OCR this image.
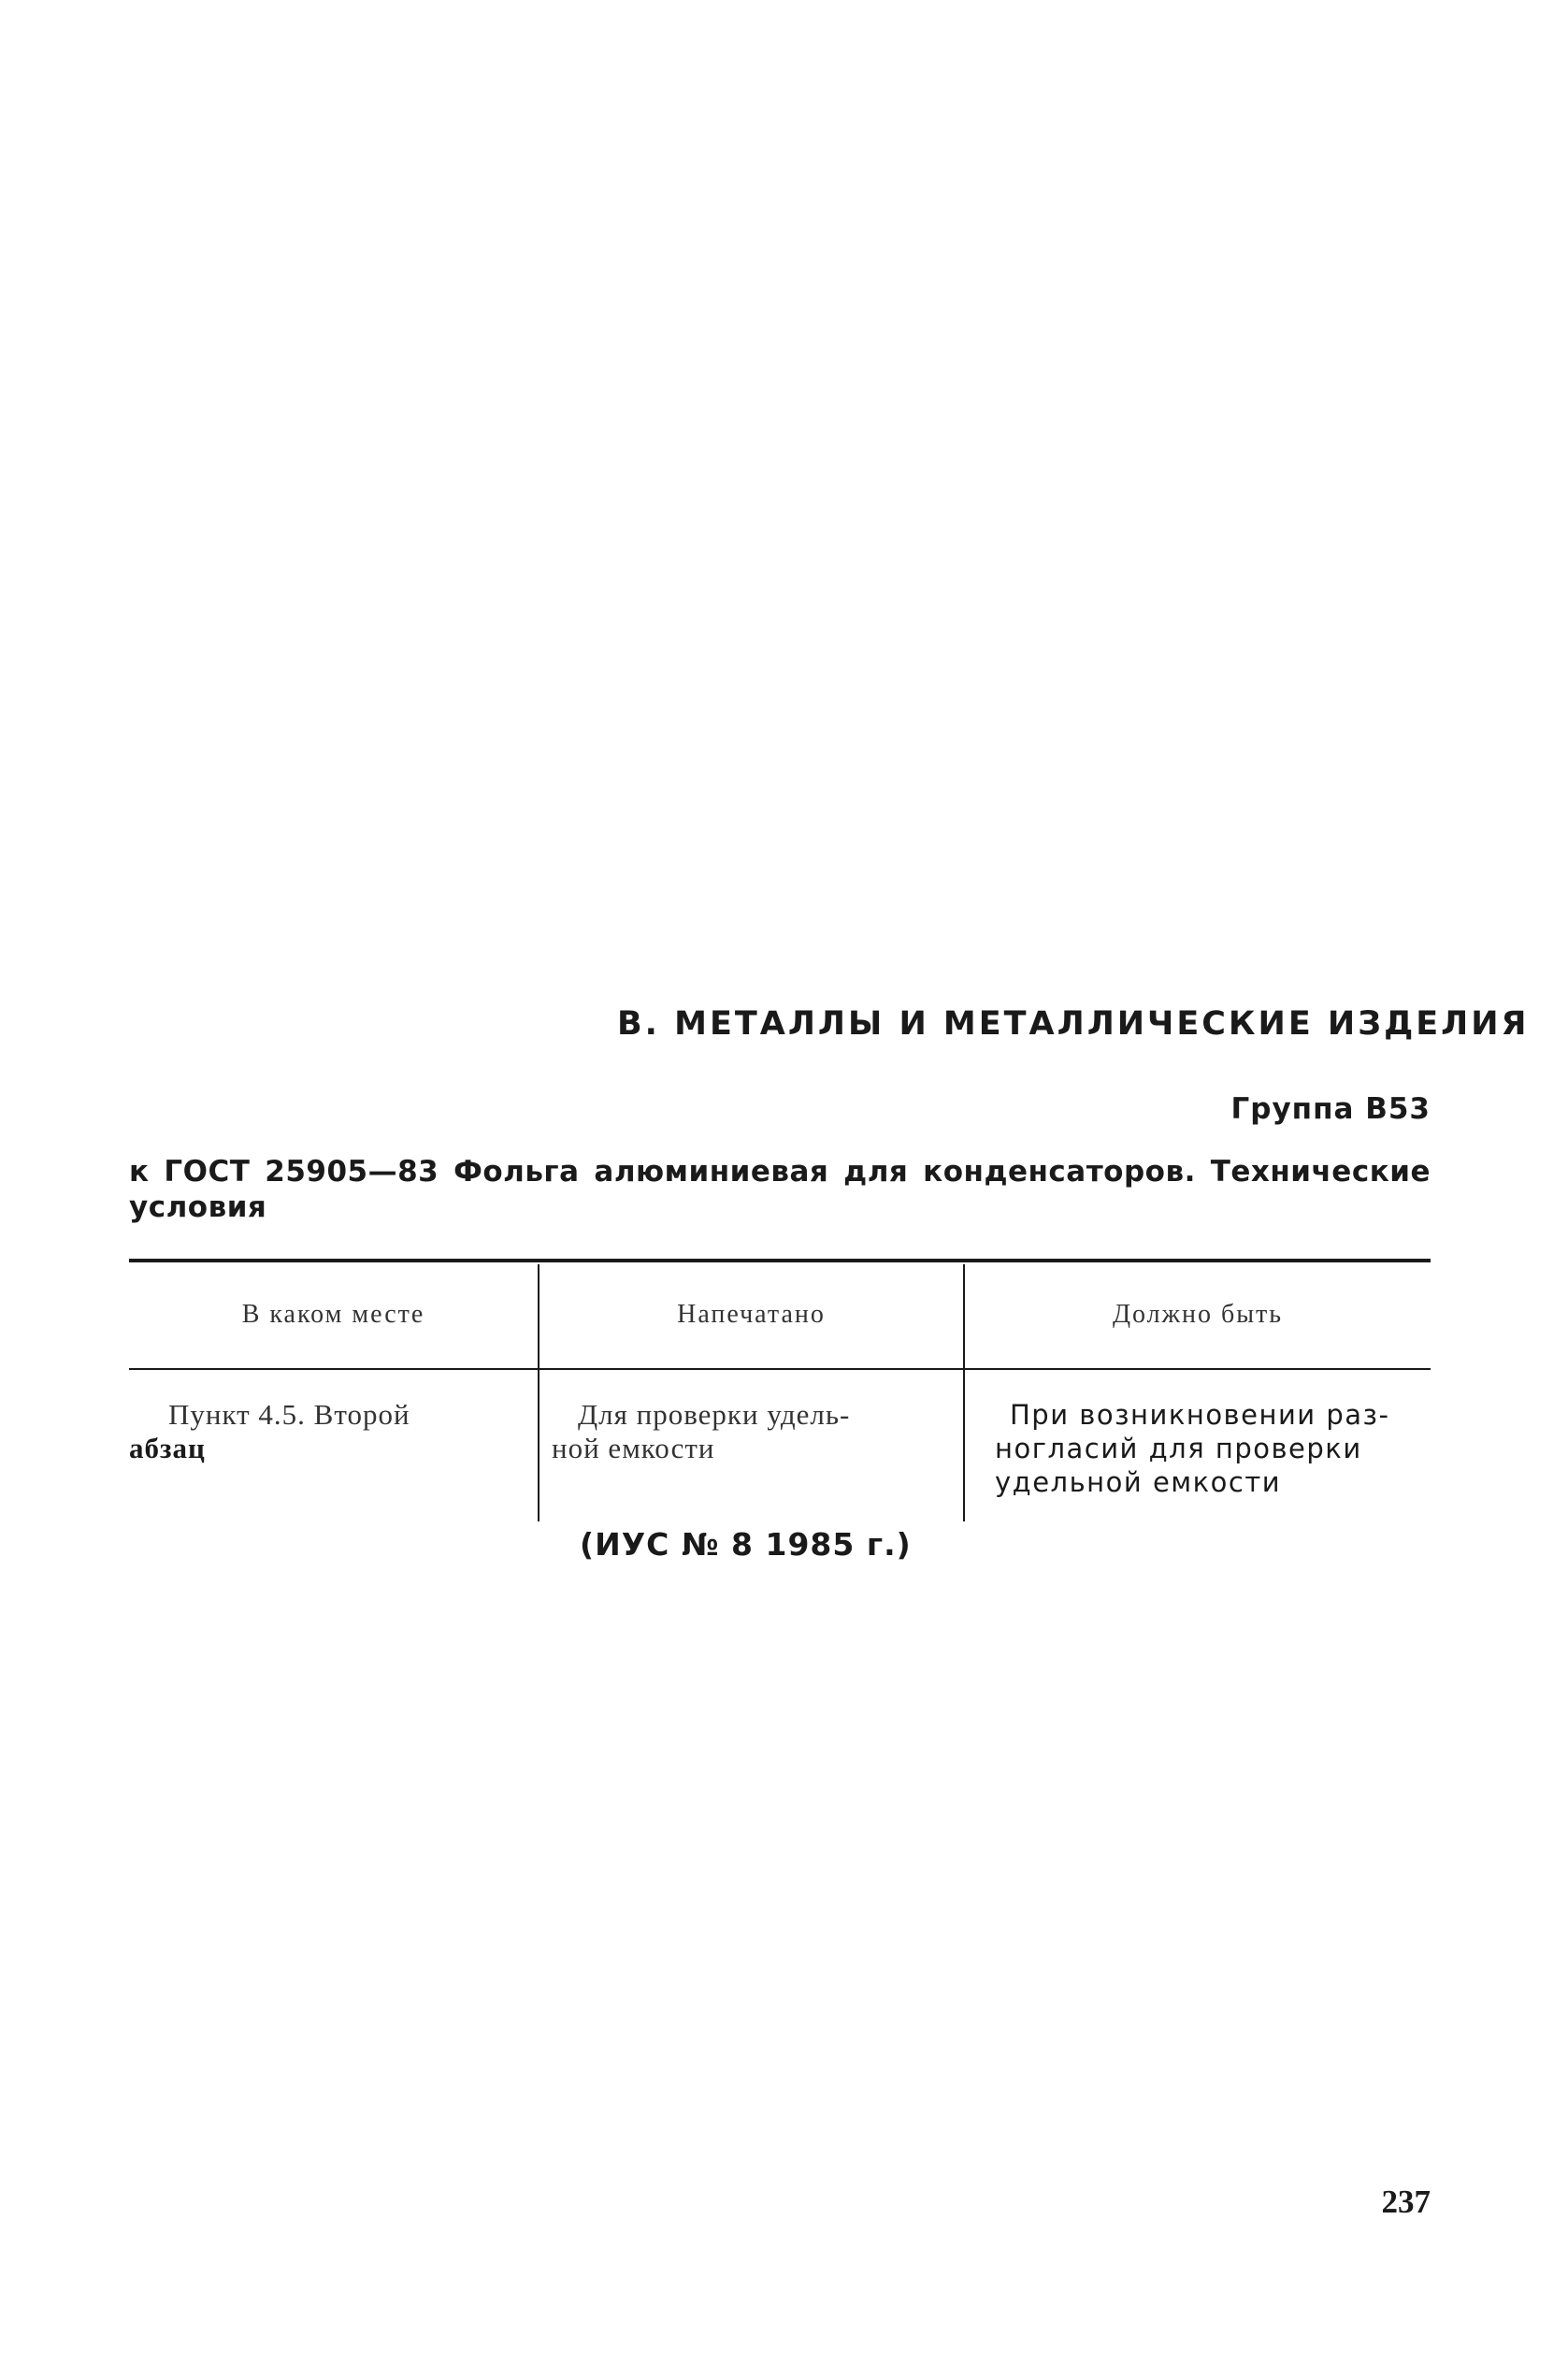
В. МЕТАЛЛЫ И МЕТАЛЛИЧЕСКИЕ ИЗДЕЛИЯ
Группа В53
к ГОСТ 25905—83 Фольга алюминиевая для конденсаторов. Технические условия
В каком месте	Напечатано	Должно быть
Пункт 4.5. Второй
абзац
Для проверки удель-
ной емкости
При возникновении раз-
ногласий для проверки
удельной емкости
(ИУС № 8 1985 г.)
237
